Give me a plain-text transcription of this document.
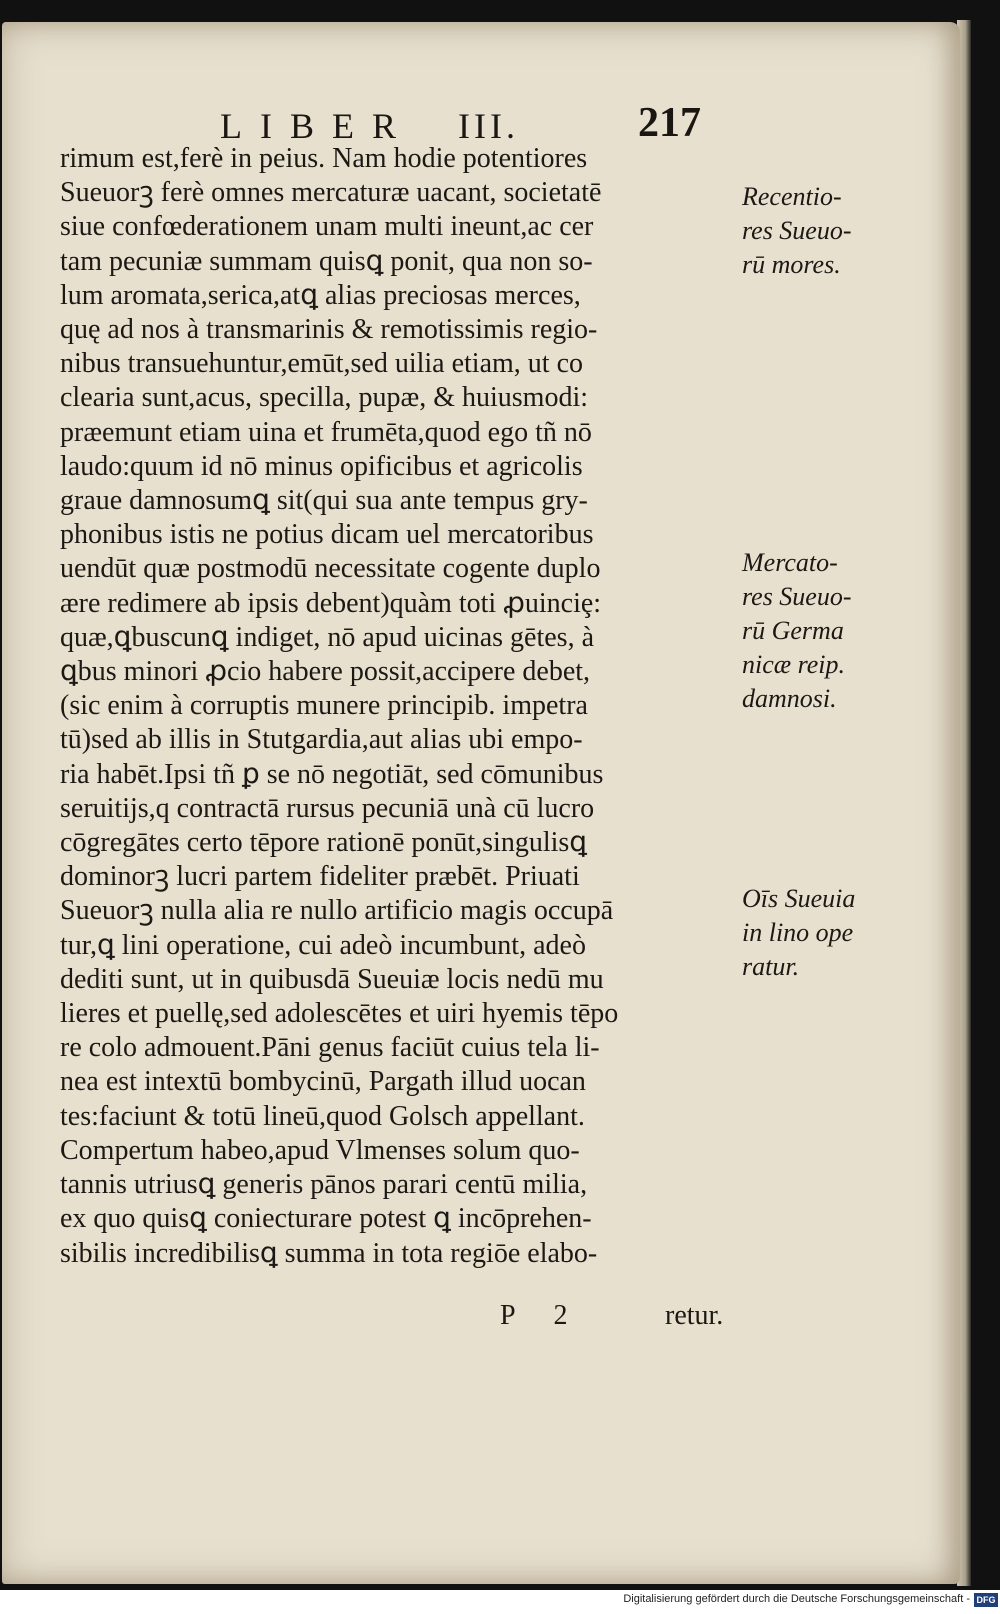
LIBER III.	217
rimum est,ferè in peius. Nam hodie potentiores
Sueuorꝫ ferè omnes mercaturæ uacant, societatē
siue confœderationem unam multi ineunt,ac cer
tam pecuniæ summam quisꝗ ponit, qua non so-
lum aromata,serica,atꝗ alias preciosas merces,
quę ad nos à transmarinis & remotissimis regio-
nibus transuehuntur,emūt,sed uilia etiam, ut co
clearia sunt,acus, specilla, pupæ, & huiusmodi:
præemunt etiam uina et frumēta,quod ego tñ nō
laudo:quum id nō minus opificibus et agricolis
graue damnosumꝗ sit(qui sua ante tempus gry-
phonibus istis ne potius dicam uel mercatoribus
uendūt quæ postmodū necessitate cogente duplo
ære redimere ab ipsis debent)quàm toti ꝓuinciȩ:
quæ,ꝗbuscunꝗ indiget, nō apud uicinas gētes, à
ꝗbus minori ꝓcio habere possit,accipere debet,
(sic enim à corruptis munere principib. impetra
tū)sed ab illis in Stutgardia,aut alias ubi empo-
ria habēt.Ipsi tñ ꝑ se nō negotiāt, sed cōmunibus
seruitijs,q contractā rursus pecuniā unà cū lucro
cōgregātes certo tēpore rationē ponūt,singulisꝗ
dominorꝫ lucri partem fideliter præbēt. Priuati
Sueuorꝫ nulla alia re nullo artificio magis occupā
tur,ꝗ lini operatione, cui adeò incumbunt, adeò
dediti sunt, ut in quibusdā Sueuiæ locis nedū mu
lieres et puellę,sed adolescētes et uiri hyemis tēpo
re colo admouent.Pāni genus faciūt cuius tela li-
nea est intextū bombycinū, Pargath illud uocan
tes:faciunt & totū lineū,quod Golsch appellant.
Compertum habeo,apud Vlmenses solum quo-
tannis utriusꝗ generis pānos parari centū milia,
ex quo quisꝗ coniecturare potest ꝗ incōprehen-
sibilis incredibilisꝗ summa in tota regiōe elabo-
Recentio-
res Sueuo-
rū mores.
Mercato-
res Sueuo-
rū Germa
nicæ reip.
damnosi.
Oīs Sueuia
in lino ope
ratur.
P 2	retur.
Digitalisierung gefördert durch die Deutsche Forschungsgemeinschaft - DFG
